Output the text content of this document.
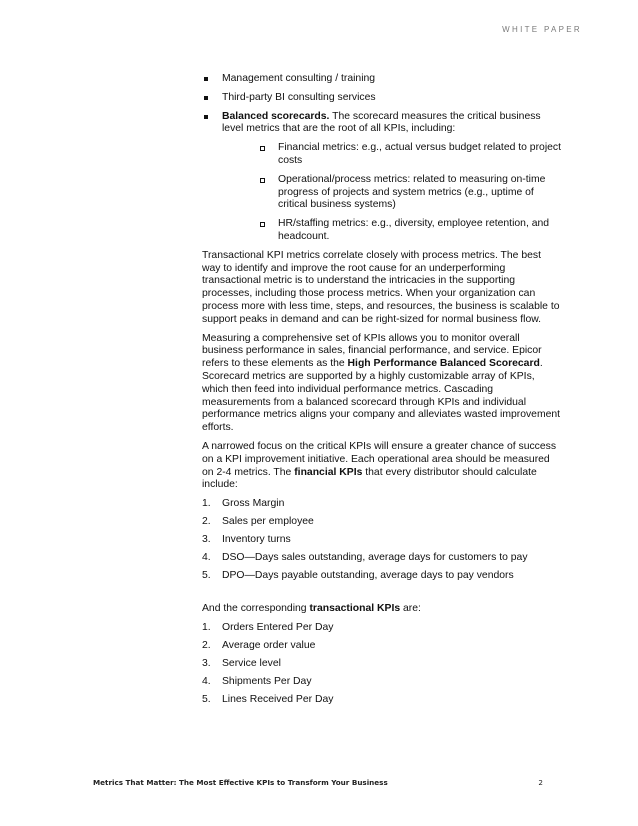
WHITE PAPER
Management consulting / training
Third-party BI consulting services
Balanced scorecards. The scorecard measures the critical business level metrics that are the root of all KPIs, including:
Financial metrics: e.g., actual versus budget related to project costs
Operational/process metrics: related to measuring on-time progress of projects and system metrics (e.g., uptime of critical business systems)
HR/staffing metrics: e.g., diversity, employee retention, and headcount.

Transactional KPI metrics correlate closely with process metrics. The best way to identify and improve the root cause for an underperforming transactional metric is to understand the intricacies in the supporting processes, including those process metrics. When your organization can process more with less time, steps, and resources, the business is scalable to support peaks in demand and can be right-sized for normal business flow.

Measuring a comprehensive set of KPIs allows you to monitor overall business performance in sales, financial performance, and service. Epicor refers to these elements as the High Performance Balanced Scorecard. Scorecard metrics are supported by a highly customizable array of KPIs, which then feed into individual performance metrics. Cascading measurements from a balanced scorecard through KPIs and individual performance metrics aligns your company and alleviates wasted improvement efforts.

A narrowed focus on the critical KPIs will ensure a greater chance of success on a KPI improvement initiative. Each operational area should be measured on 2-4 metrics. The financial KPIs that every distributor should calculate include:

1. Gross Margin
2. Sales per employee
3. Inventory turns
4. DSO—Days sales outstanding, average days for customers to pay
5. DPO—Days payable outstanding, average days to pay vendors

And the corresponding transactional KPIs are:

1. Orders Entered Per Day
2. Average order value
3. Service level
4. Shipments Per Day
5. Lines Received Per Day
Metrics That Matter: The Most Effective KPIs to Transform Your Business	2
